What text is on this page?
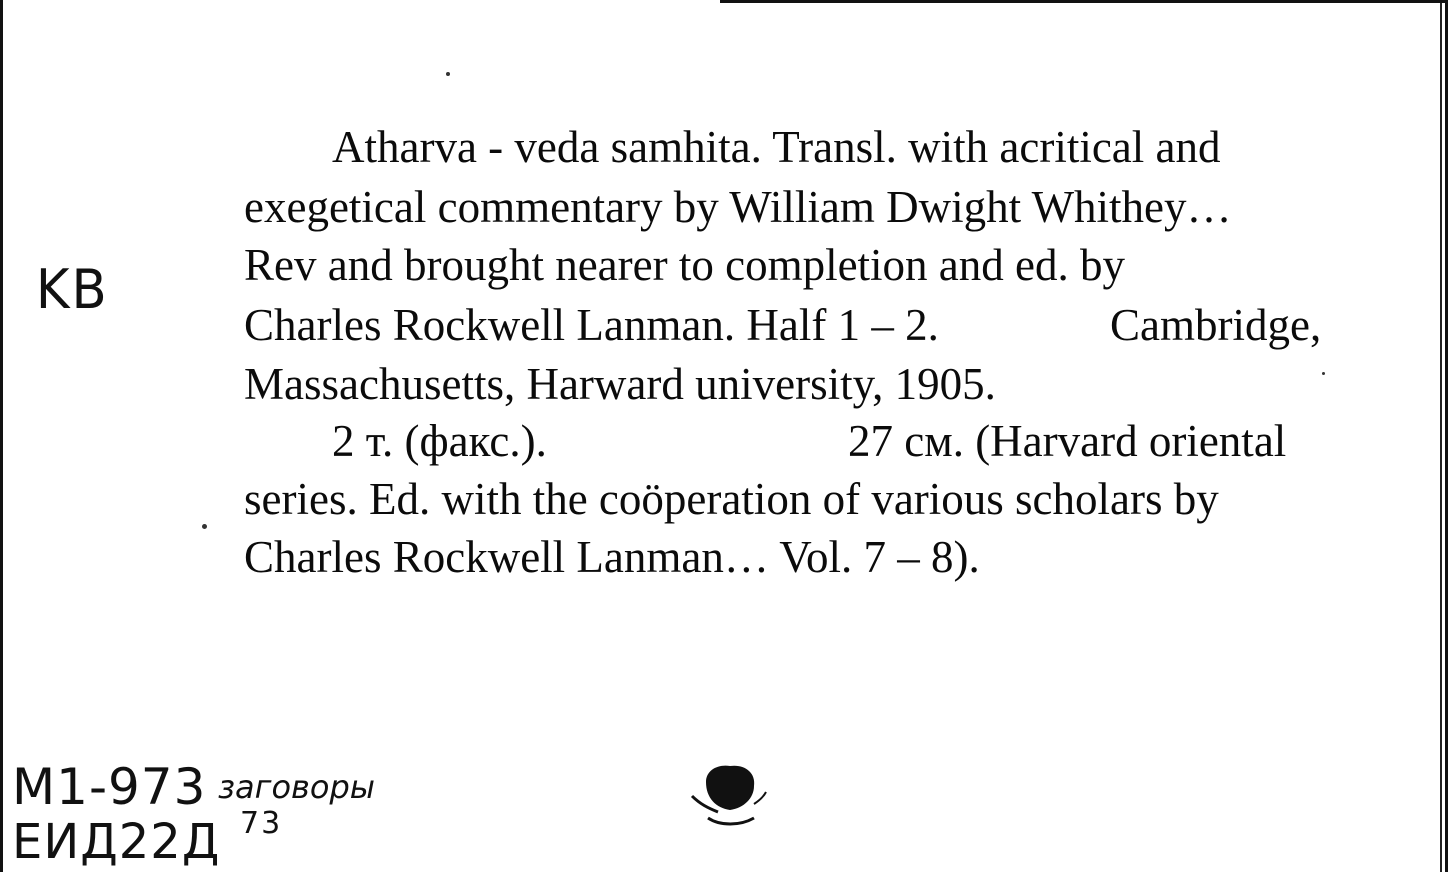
Atharva - veda samhita. Transl. with acritical and
exegetical commentary by William Dwight Whithey…
Rev and brought nearer to completion and ed. by
Charles Rockwell Lanman. Half 1 – 2.	Cambridge,
Massachusetts, Harward university, 1905.
2 т. (факс.).	27 см. (Harvard oriental
series. Ed. with the coöperation of various scholars by
Charles Rockwell Lanman… Vol. 7 – 8).
KB
M1-973 заговоры
ЕИД22Д 73
